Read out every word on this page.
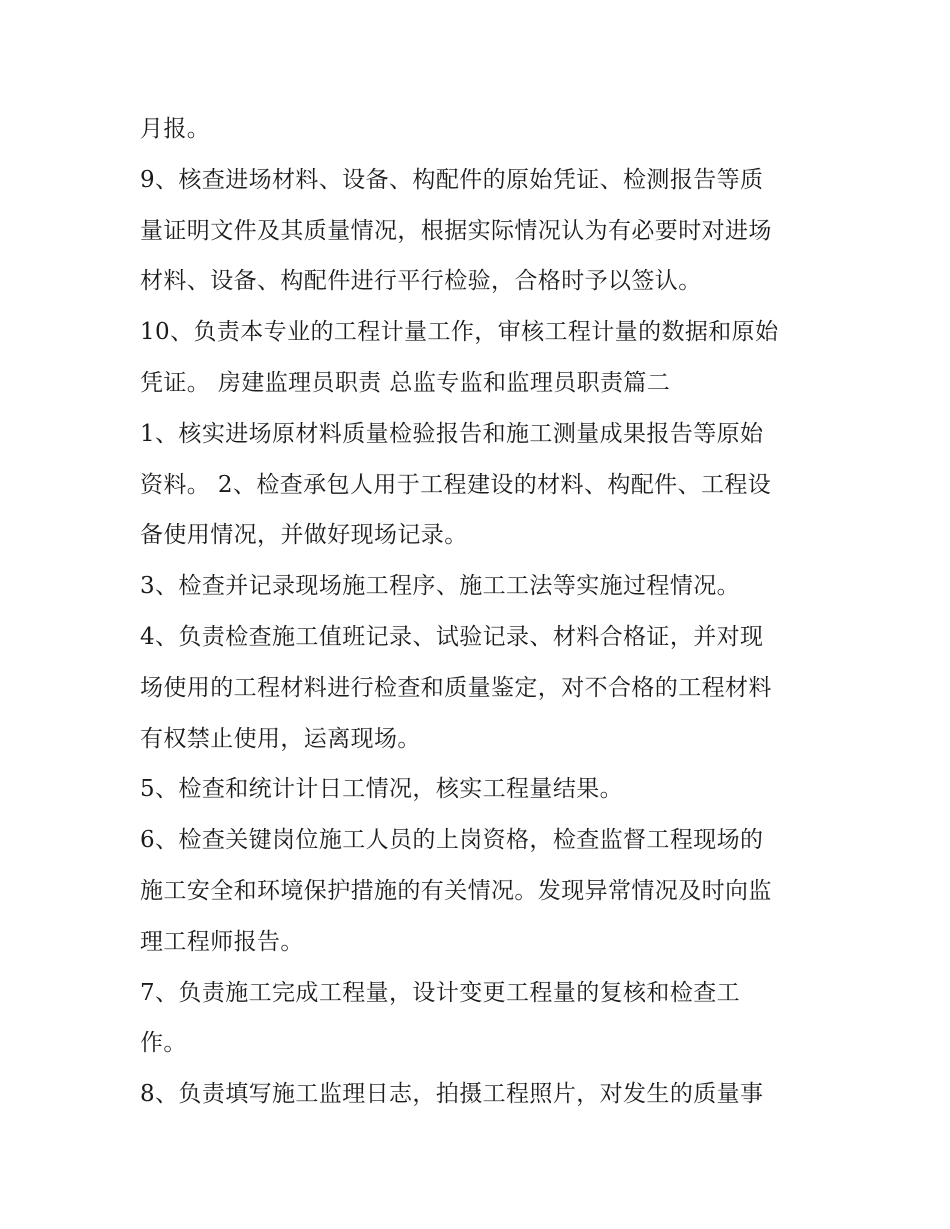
月报。
9、核查进场材料、设备、构配件的原始凭证、检测报告等质
量证明文件及其质量情况，根据实际情况认为有必要时对进场
材料、设备、构配件进行平行检验，合格时予以签认。
10、负责本专业的工程计量工作，审核工程计量的数据和原始
凭证。 房建监理员职责 总监专监和监理员职责篇二
1、核实进场原材料质量检验报告和施工测量成果报告等原始
资料。 2、检查承包人用于工程建设的材料、构配件、工程设
备使用情况，并做好现场记录。
3、检查并记录现场施工程序、施工工法等实施过程情况。
4、负责检查施工值班记录、试验记录、材料合格证，并对现
场使用的工程材料进行检查和质量鉴定，对不合格的工程材料
有权禁止使用，运离现场。
5、检查和统计计日工情况，核实工程量结果。
6、检查关键岗位施工人员的上岗资格，检查监督工程现场的
施工安全和环境保护措施的有关情况。发现异常情况及时向监
理工程师报告。
7、负责施工完成工程量，设计变更工程量的复核和检查工
作。
8、负责填写施工监理日志，拍摄工程照片，对发生的质量事
